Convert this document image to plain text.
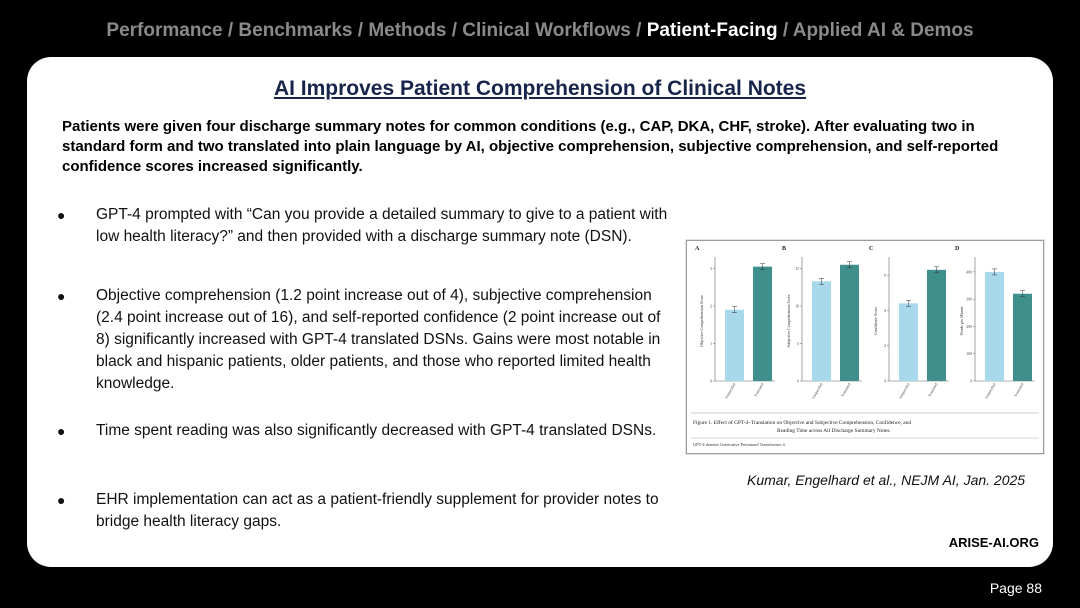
Performance / Benchmarks / Methods / Clinical Workflows / Patient-Facing / Applied AI & Demos
AI Improves Patient Comprehension of Clinical Notes
Patients were given four discharge summary notes for common conditions (e.g., CAP, DKA, CHF, stroke). After evaluating two in standard form and two translated into plain language by AI, objective comprehension, subjective comprehension, and self-reported confidence scores increased significantly.
● GPT-4 prompted with “Can you provide a detailed summary to give to a patient with low health literacy?” and then provided with a discharge summary note (DSN).
● Objective comprehension (1.2 point increase out of 4), subjective comprehension (2.4 point increase out of 16), and self-reported confidence (2 point increase out of 8) significantly increased with GPT-4 translated DSNs. Gains were most notable in black and hispanic patients, older patients, and those who reported limited health knowledge.
● Time spent reading was also significantly decreased with GPT-4 translated DSNs.
● EHR implementation can act as a patient-friendly supplement for provider notes to bridge health literacy gaps.
A
0
1
2
3
Objective Comprehension Score
Unspecified	Translated
B
0
5
10
15
Subjective Comprehension Score
Unspecified	Translated
C
0
2
4
6
Confidence Score
Unspecified	Translated
D
0
100
200
300
400
Words per Minute
Unspecified	Translated
Figure 1. Effect of GPT-4–Translation on Objective and Subjective Comprehension, Confidence, and
Reading Time across All Discharge Summary Notes.
GPT-4 denotes Generative Pretrained Transformer 4.
Kumar, Engelhard et al., NEJM AI, Jan. 2025
ARISE-AI.ORG
Page 88
